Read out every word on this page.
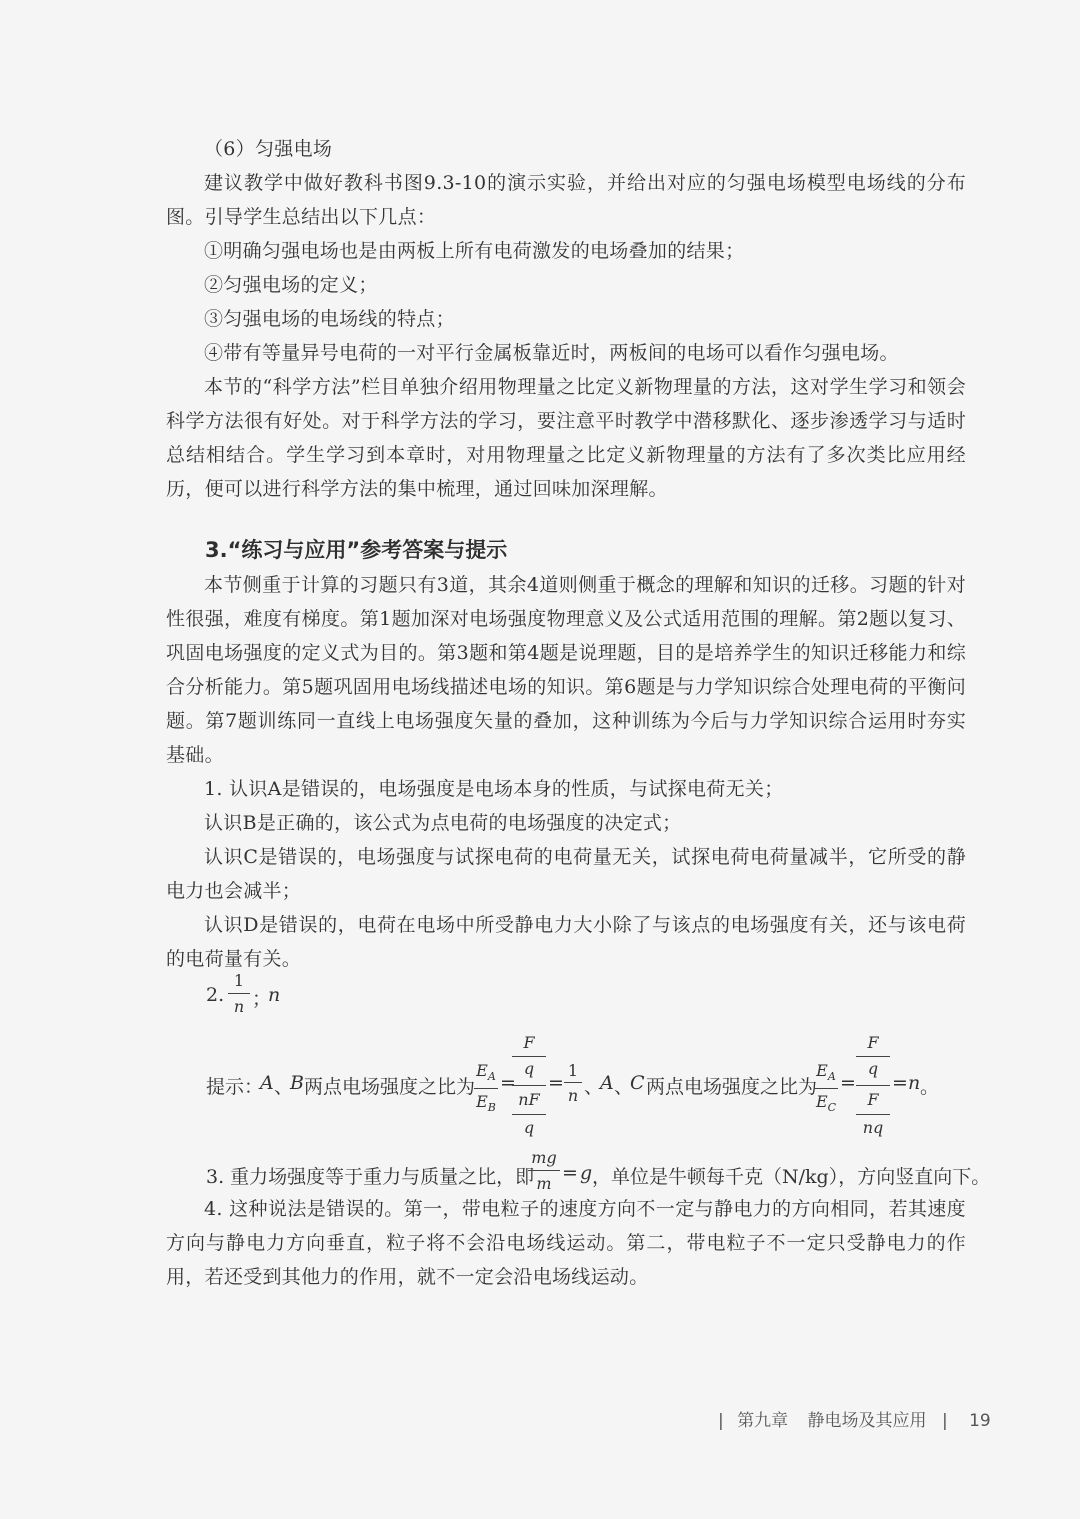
（6）匀强电场

建议教学中做好教科书图9.3-10的演示实验，并给出对应的匀强电场模型电场线的分布图。引导学生总结出以下几点：

①明确匀强电场也是由两板上所有电荷激发的电场叠加的结果；

②匀强电场的定义；

③匀强电场的电场线的特点；

④带有等量异号电荷的一对平行金属板靠近时，两板间的电场可以看作匀强电场。

本节的“科学方法”栏目单独介绍用物理量之比定义新物理量的方法，这对学生学习和领会科学方法很有好处。对于科学方法的学习，要注意平时教学中潜移默化、逐步渗透学习与适时总结相结合。学生学习到本章时，对用物理量之比定义新物理量的方法有了多次类比应用经历，便可以进行科学方法的集中梳理，通过回味加深理解。

3.“练习与应用”参考答案与提示

本节侧重于计算的习题只有3道，其余4道则侧重于概念的理解和知识的迁移。习题的针对性很强，难度有梯度。第1题加深对电场强度物理意义及公式适用范围的理解。第2题以复习、巩固电场强度的定义式为目的。第3题和第4题是说理题，目的是培养学生的知识迁移能力和综合分析能力。第5题巩固用电场线描述电场的知识。第6题是与力学知识综合处理电荷的平衡问题。第7题训练同一直线上电场强度矢量的叠加，这种训练为今后与力学知识综合运用时夯实基础。

1. 认识A是错误的，电场强度是电场本身的性质，与试探电荷无关；

认识B是正确的，该公式为点电荷的电场强度的决定式；

认识C是错误的，电场强度与试探电荷的电荷量无关，试探电荷电荷量减半，它所受的静电力也会减半；

认识D是错误的，电荷在电场中所受静电力大小除了与该点的电场强度有关，还与该电荷的电荷量有关。

2. $\frac{1}{n}$ ；
n
提示：
A 、
B 两点电场强度之比为
$\frac{E_A}{E_B}$ =
F
q
nF
q
= $\frac{1}{n}$ 、
A 、
C 两点电场强度之比为
$\frac{E_A}{E_C}$ =
F
q
F
nq
= n 。
3. 重力场强度等于重力与质量之比，即
$\frac{mg}{m} = g$ ，单位是牛顿每千克（N/kg），方向竖直向下。

4. 这种说法是错误的。第一，带电粒子的速度方向不一定与静电力的方向相同，若其速度方向与静电力方向垂直，粒子将不会沿电场线运动。第二，带电粒子不一定只受静电力的作用，若还受到其他力的作用，就不一定会沿电场线运动。

| 第九章 静电场及其应用 | 19
